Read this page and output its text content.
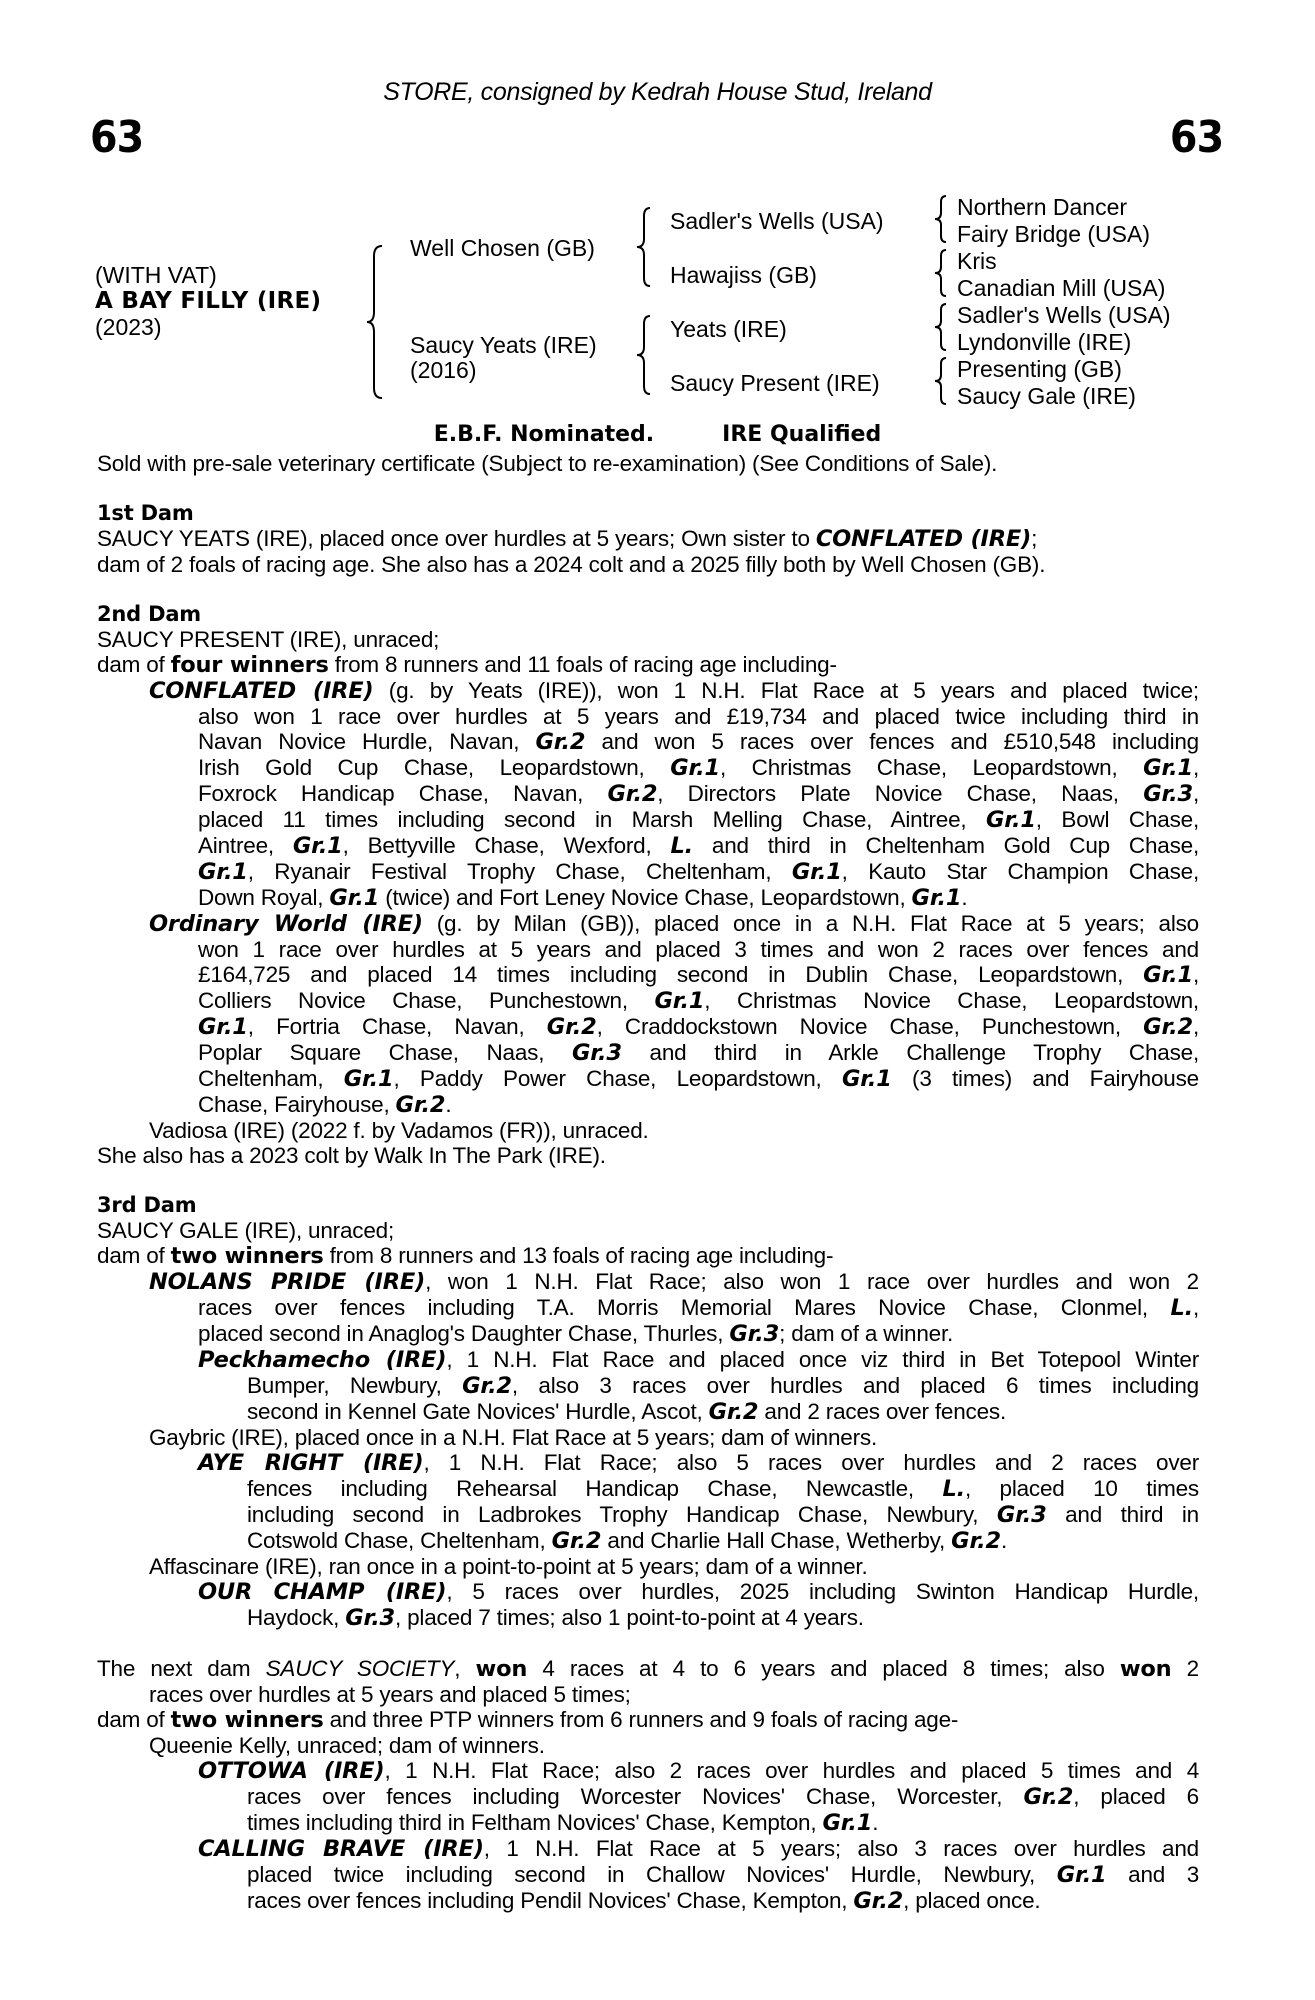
STORE, consigned by Kedrah House Stud, Ireland
63	63
(WITH VAT)
A BAY FILLY (IRE)
(2023)
Well Chosen (GB)
Saucy Yeats (IRE)
(2016)
Sadler's Wells (USA)
Hawajiss (GB)
Yeats (IRE)
Saucy Present (IRE)
Northern Dancer
Fairy Bridge (USA)
Kris
Canadian Mill (USA)
Sadler's Wells (USA)
Lyndonville (IRE)
Presenting (GB)
Saucy Gale (IRE)
E.B.F. Nominated.	IRE Qualified
Sold with pre-sale veterinary certificate (Subject to re-examination) (See Conditions of Sale).
1st Dam
SAUCY YEATS (IRE), placed once over hurdles at 5 years; Own sister to CONFLATED (IRE);
dam of 2 foals of racing age. She also has a 2024 colt and a 2025 filly both by Well Chosen (GB).
2nd Dam
SAUCY PRESENT (IRE), unraced;
dam of four winners from 8 runners and 11 foals of racing age including-
CONFLATED (IRE) (g. by Yeats (IRE)), won 1 N.H. Flat Race at 5 years and placed twice;
also won 1 race over hurdles at 5 years and £19,734 and placed twice including third in
Navan Novice Hurdle, Navan, Gr.2 and won 5 races over fences and £510,548 including
Irish Gold Cup Chase, Leopardstown, Gr.1, Christmas Chase, Leopardstown, Gr.1,
Foxrock Handicap Chase, Navan, Gr.2, Directors Plate Novice Chase, Naas, Gr.3,
placed 11 times including second in Marsh Melling Chase, Aintree, Gr.1, Bowl Chase,
Aintree, Gr.1, Bettyville Chase, Wexford, L. and third in Cheltenham Gold Cup Chase,
Gr.1, Ryanair Festival Trophy Chase, Cheltenham, Gr.1, Kauto Star Champion Chase,
Down Royal, Gr.1 (twice) and Fort Leney Novice Chase, Leopardstown, Gr.1.
Ordinary World (IRE) (g. by Milan (GB)), placed once in a N.H. Flat Race at 5 years; also
won 1 race over hurdles at 5 years and placed 3 times and won 2 races over fences and
£164,725 and placed 14 times including second in Dublin Chase, Leopardstown, Gr.1,
Colliers Novice Chase, Punchestown, Gr.1, Christmas Novice Chase, Leopardstown,
Gr.1, Fortria Chase, Navan, Gr.2, Craddockstown Novice Chase, Punchestown, Gr.2,
Poplar Square Chase, Naas, Gr.3 and third in Arkle Challenge Trophy Chase,
Cheltenham, Gr.1, Paddy Power Chase, Leopardstown, Gr.1 (3 times) and Fairyhouse
Chase, Fairyhouse, Gr.2.
Vadiosa (IRE) (2022 f. by Vadamos (FR)), unraced.
She also has a 2023 colt by Walk In The Park (IRE).
3rd Dam
SAUCY GALE (IRE), unraced;
dam of two winners from 8 runners and 13 foals of racing age including-
NOLANS PRIDE (IRE), won 1 N.H. Flat Race; also won 1 race over hurdles and won 2
races over fences including T.A. Morris Memorial Mares Novice Chase, Clonmel, L.,
placed second in Anaglog's Daughter Chase, Thurles, Gr.3; dam of a winner.
Peckhamecho (IRE), 1 N.H. Flat Race and placed once viz third in Bet Totepool Winter
Bumper, Newbury, Gr.2, also 3 races over hurdles and placed 6 times including
second in Kennel Gate Novices' Hurdle, Ascot, Gr.2 and 2 races over fences.
Gaybric (IRE), placed once in a N.H. Flat Race at 5 years; dam of winners.
AYE RIGHT (IRE), 1 N.H. Flat Race; also 5 races over hurdles and 2 races over
fences including Rehearsal Handicap Chase, Newcastle, L., placed 10 times
including second in Ladbrokes Trophy Handicap Chase, Newbury, Gr.3 and third in
Cotswold Chase, Cheltenham, Gr.2 and Charlie Hall Chase, Wetherby, Gr.2.
Affascinare (IRE), ran once in a point-to-point at 5 years; dam of a winner.
OUR CHAMP (IRE), 5 races over hurdles, 2025 including Swinton Handicap Hurdle,
Haydock, Gr.3, placed 7 times; also 1 point-to-point at 4 years.
The next dam SAUCY SOCIETY, won 4 races at 4 to 6 years and placed 8 times; also won 2
races over hurdles at 5 years and placed 5 times;
dam of two winners and three PTP winners from 6 runners and 9 foals of racing age-
Queenie Kelly, unraced; dam of winners.
OTTOWA (IRE), 1 N.H. Flat Race; also 2 races over hurdles and placed 5 times and 4
races over fences including Worcester Novices' Chase, Worcester, Gr.2, placed 6
times including third in Feltham Novices' Chase, Kempton, Gr.1.
CALLING BRAVE (IRE), 1 N.H. Flat Race at 5 years; also 3 races over hurdles and
placed twice including second in Challow Novices' Hurdle, Newbury, Gr.1 and 3
races over fences including Pendil Novices' Chase, Kempton, Gr.2, placed once.
